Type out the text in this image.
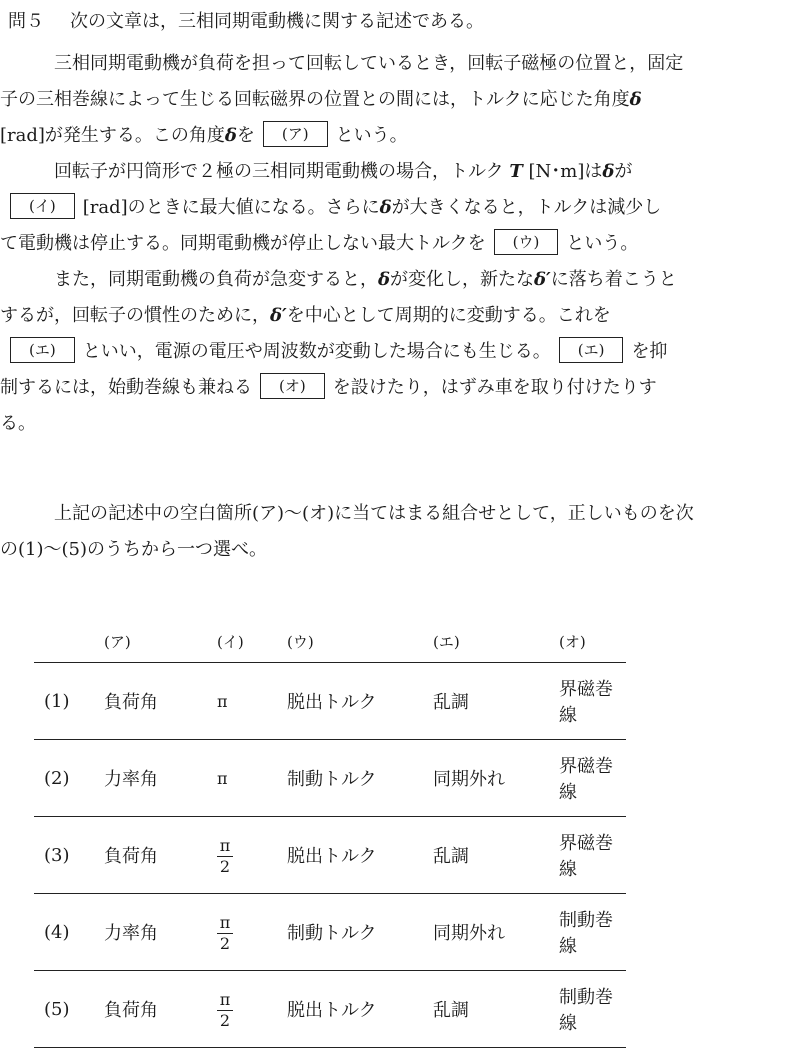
問５ 次の文章は，三相同期電動機に関する記述である。

三相同期電動機が負荷を担って回転しているとき，回転子磁極の位置と，固定
子の三相巻線によって生じる回転磁界の位置との間には，トルクに応じた角度δ
[rad]が発生する。この角度δを (ア) という。

回転子が円筒形で２極の三相同期電動機の場合，トルク T [N･m]はδが
(イ) [rad]のときに最大値になる。さらにδが大きくなると，トルクは減少し
て電動機は停止する。同期電動機が停止しない最大トルクを (ウ) という。

また，同期電動機の負荷が急変すると，δが変化し，新たなδ′に落ち着こうと
するが，回転子の慣性のために，δ′を中心として周期的に変動する。これを
(エ) といい，電源の電圧や周波数が変動した場合にも生じる。 (エ) を抑
制するには，始動巻線も兼ねる (オ) を設けたり，はずみ車を取り付けたりす
る。

上記の記述中の空白箇所(ア)～(オ)に当てはまる組合せとして，正しいものを次
の(1)～(5)のうちから一つ選べ。

	(ア)	(イ)	(ウ)	(エ)	(オ)
(1)	負荷角	π	脱出トルク	乱調	界磁巻線
(2)	力率角	π	制動トルク	同期外れ	界磁巻線
(3)	負荷角	$\frac{\pi}{2}$	脱出トルク	乱調	界磁巻線
(4)	力率角	$\frac{\pi}{2}$	制動トルク	同期外れ	制動巻線
(5)	負荷角	$\frac{\pi}{2}$	脱出トルク	乱調	制動巻線
